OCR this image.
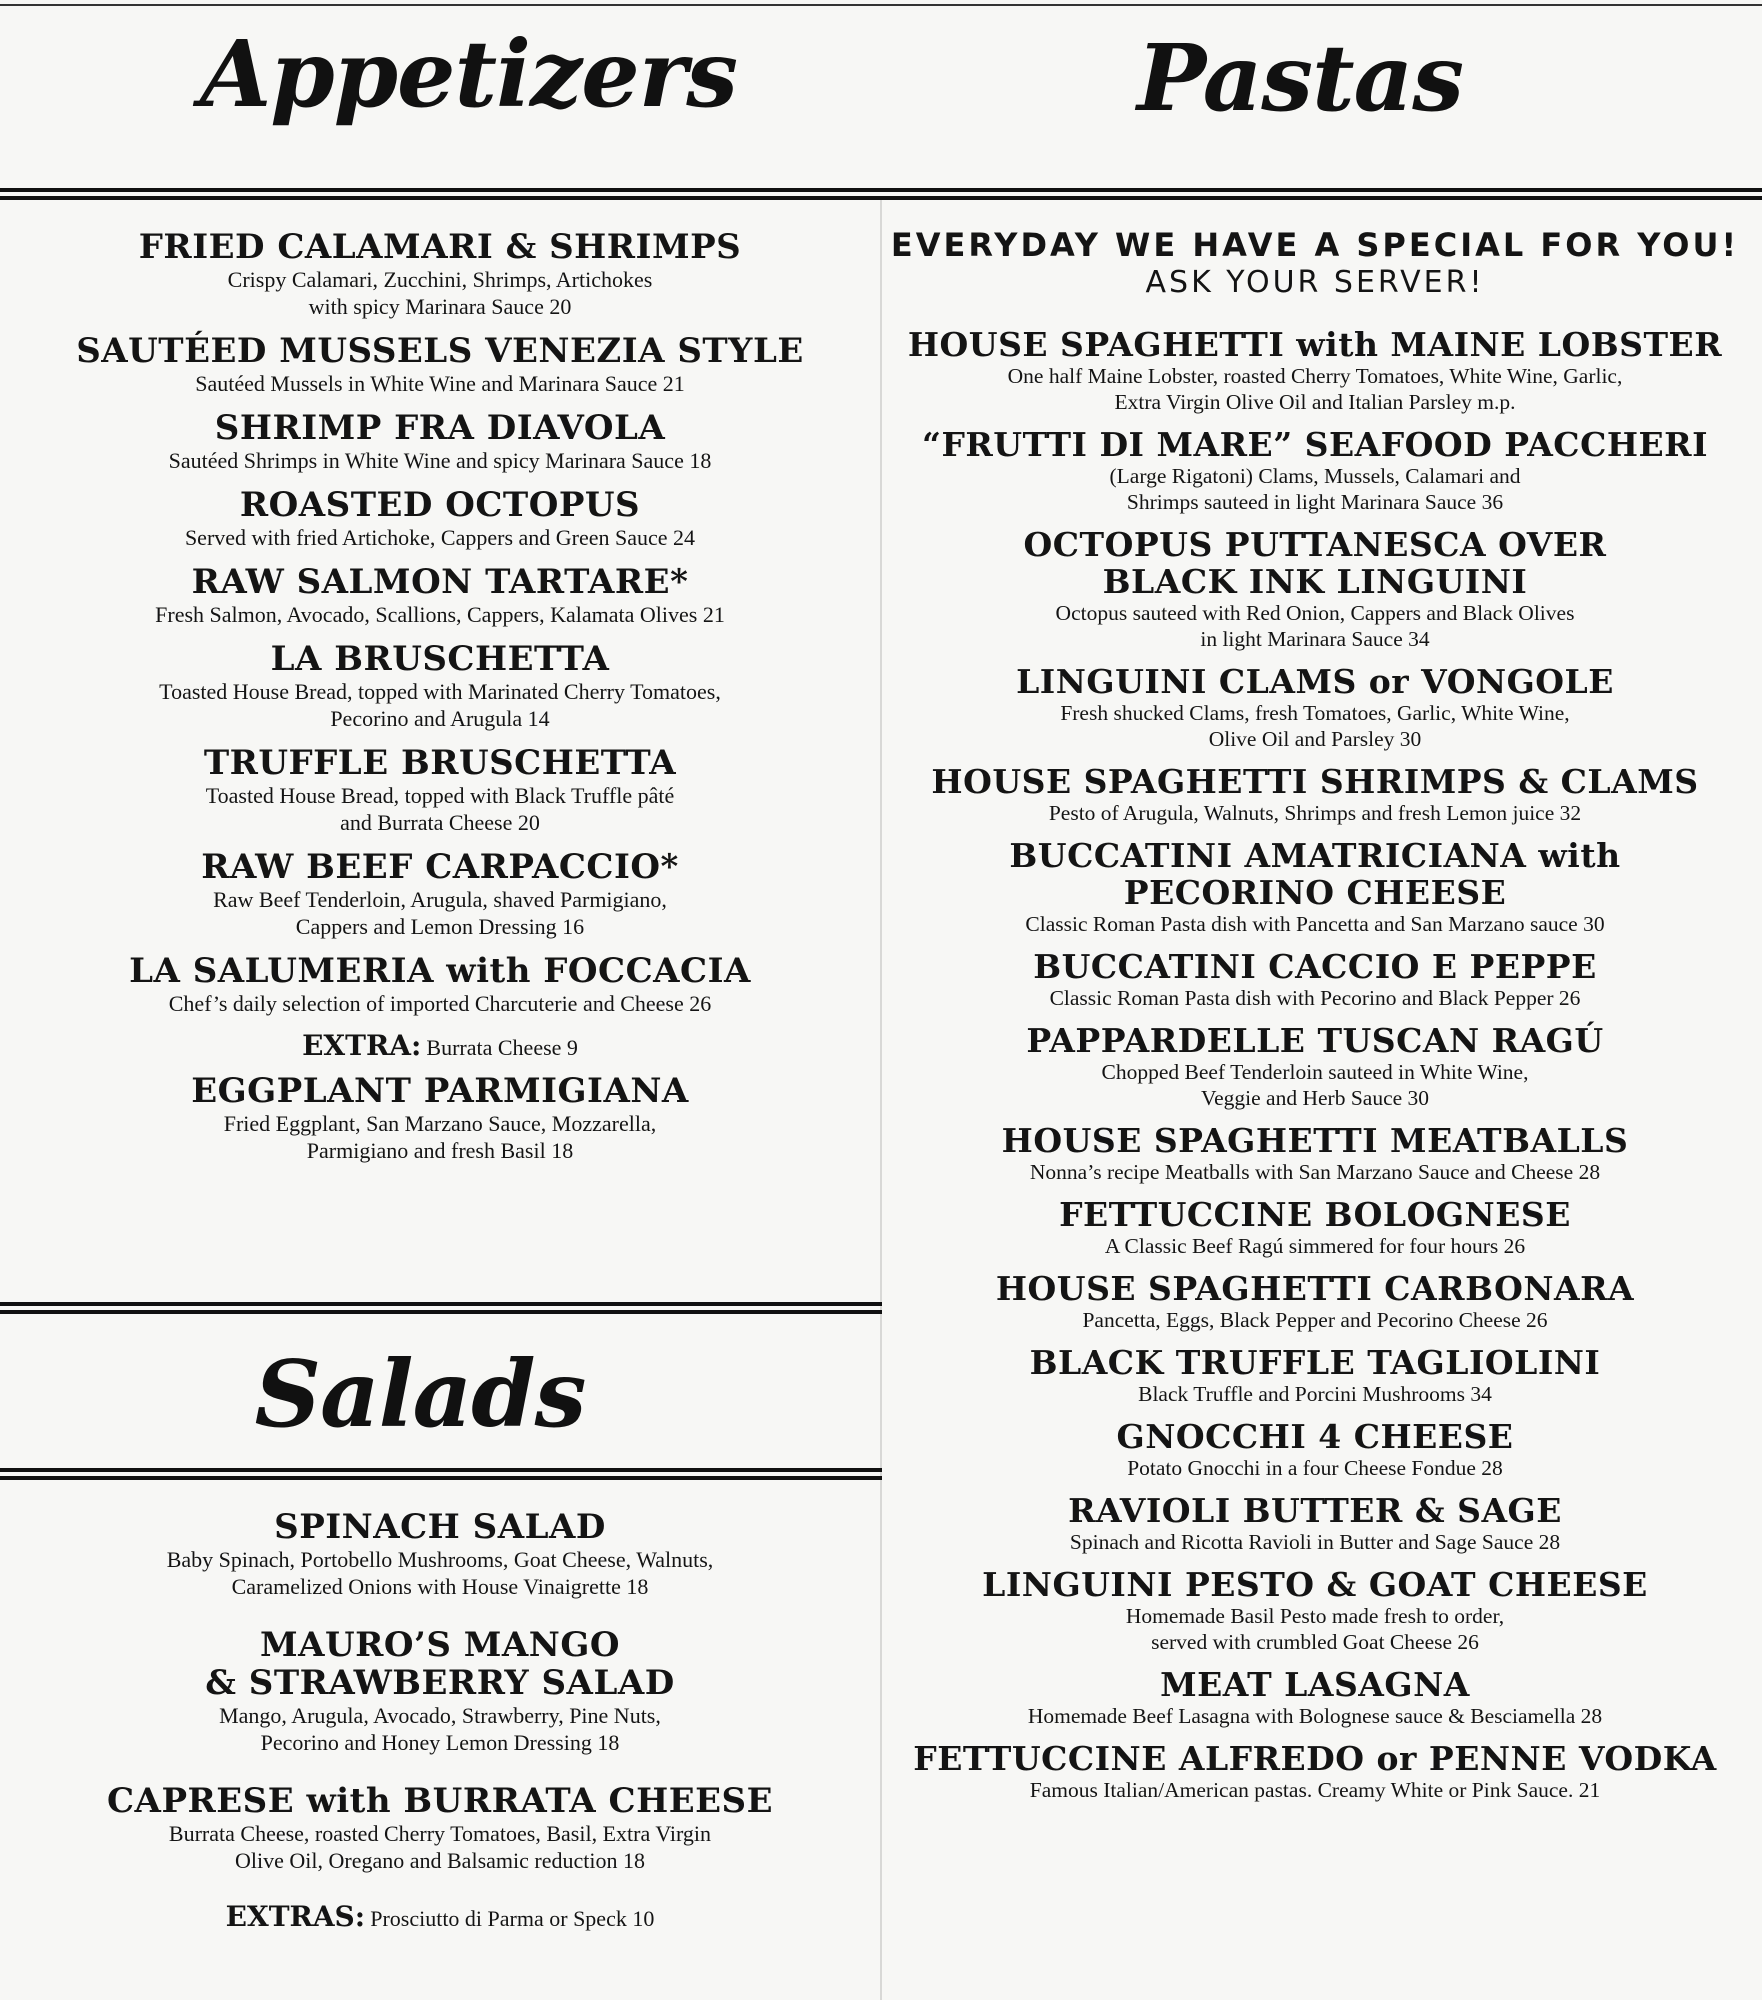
Appetizers	Pastas
FRIED CALAMARI & SHRIMPS
Crispy Calamari, Zucchini, Shrimps, Artichokes
with spicy Marinara Sauce 20
SAUTÉED MUSSELS VENEZIA STYLE
Sautéed Mussels in White Wine and Marinara Sauce 21
SHRIMP FRA DIAVOLA
Sautéed Shrimps in White Wine and spicy Marinara Sauce 18
ROASTED OCTOPUS
Served with fried Artichoke, Cappers and Green Sauce 24
RAW SALMON TARTARE*
Fresh Salmon, Avocado, Scallions, Cappers, Kalamata Olives 21
LA BRUSCHETTA
Toasted House Bread, topped with Marinated Cherry Tomatoes,
Pecorino and Arugula 14
TRUFFLE BRUSCHETTA
Toasted House Bread, topped with Black Truffle pâté
and Burrata Cheese 20
RAW BEEF CARPACCIO*
Raw Beef Tenderloin, Arugula, shaved Parmigiano,
Cappers and Lemon Dressing 16
LA SALUMERIA with FOCCACIA
Chef’s daily selection of imported Charcuterie and Cheese 26
EXTRA: Burrata Cheese 9
EGGPLANT PARMIGIANA
Fried Eggplant, San Marzano Sauce, Mozzarella,
Parmigiano and fresh Basil 18
Salads
SPINACH SALAD
Baby Spinach, Portobello Mushrooms, Goat Cheese, Walnuts,
Caramelized Onions with House Vinaigrette 18
MAURO’S MANGO
& STRAWBERRY SALAD
Mango, Arugula, Avocado, Strawberry, Pine Nuts,
Pecorino and Honey Lemon Dressing 18
CAPRESE with BURRATA CHEESE
Burrata Cheese, roasted Cherry Tomatoes, Basil, Extra Virgin
Olive Oil, Oregano and Balsamic reduction 18
EXTRAS: Prosciutto di Parma or Speck 10
EVERYDAY WE HAVE A SPECIAL FOR YOU!
ASK YOUR SERVER!
HOUSE SPAGHETTI with MAINE LOBSTER
One half Maine Lobster, roasted Cherry Tomatoes, White Wine, Garlic,
Extra Virgin Olive Oil and Italian Parsley m.p.
“FRUTTI DI MARE” SEAFOOD PACCHERI
(Large Rigatoni) Clams, Mussels, Calamari and
Shrimps sauteed in light Marinara Sauce 36
OCTOPUS PUTTANESCA OVER
BLACK INK LINGUINI
Octopus sauteed with Red Onion, Cappers and Black Olives
in light Marinara Sauce 34
LINGUINI CLAMS or VONGOLE
Fresh shucked Clams, fresh Tomatoes, Garlic, White Wine,
Olive Oil and Parsley 30
HOUSE SPAGHETTI SHRIMPS & CLAMS
Pesto of Arugula, Walnuts, Shrimps and fresh Lemon juice 32
BUCCATINI AMATRICIANA with
PECORINO CHEESE
Classic Roman Pasta dish with Pancetta and San Marzano sauce 30
BUCCATINI CACCIO E PEPPE
Classic Roman Pasta dish with Pecorino and Black Pepper 26
PAPPARDELLE TUSCAN RAGÚ
Chopped Beef Tenderloin sauteed in White Wine,
Veggie and Herb Sauce 30
HOUSE SPAGHETTI MEATBALLS
Nonna’s recipe Meatballs with San Marzano Sauce and Cheese 28
FETTUCCINE BOLOGNESE
A Classic Beef Ragú simmered for four hours 26
HOUSE SPAGHETTI CARBONARA
Pancetta, Eggs, Black Pepper and Pecorino Cheese 26
BLACK TRUFFLE TAGLIOLINI
Black Truffle and Porcini Mushrooms 34
GNOCCHI 4 CHEESE
Potato Gnocchi in a four Cheese Fondue 28
RAVIOLI BUTTER & SAGE
Spinach and Ricotta Ravioli in Butter and Sage Sauce 28
LINGUINI PESTO & GOAT CHEESE
Homemade Basil Pesto made fresh to order,
served with crumbled Goat Cheese 26
MEAT LASAGNA
Homemade Beef Lasagna with Bolognese sauce & Besciamella 28
FETTUCCINE ALFREDO or PENNE VODKA
Famous Italian/American pastas. Creamy White or Pink Sauce. 21
